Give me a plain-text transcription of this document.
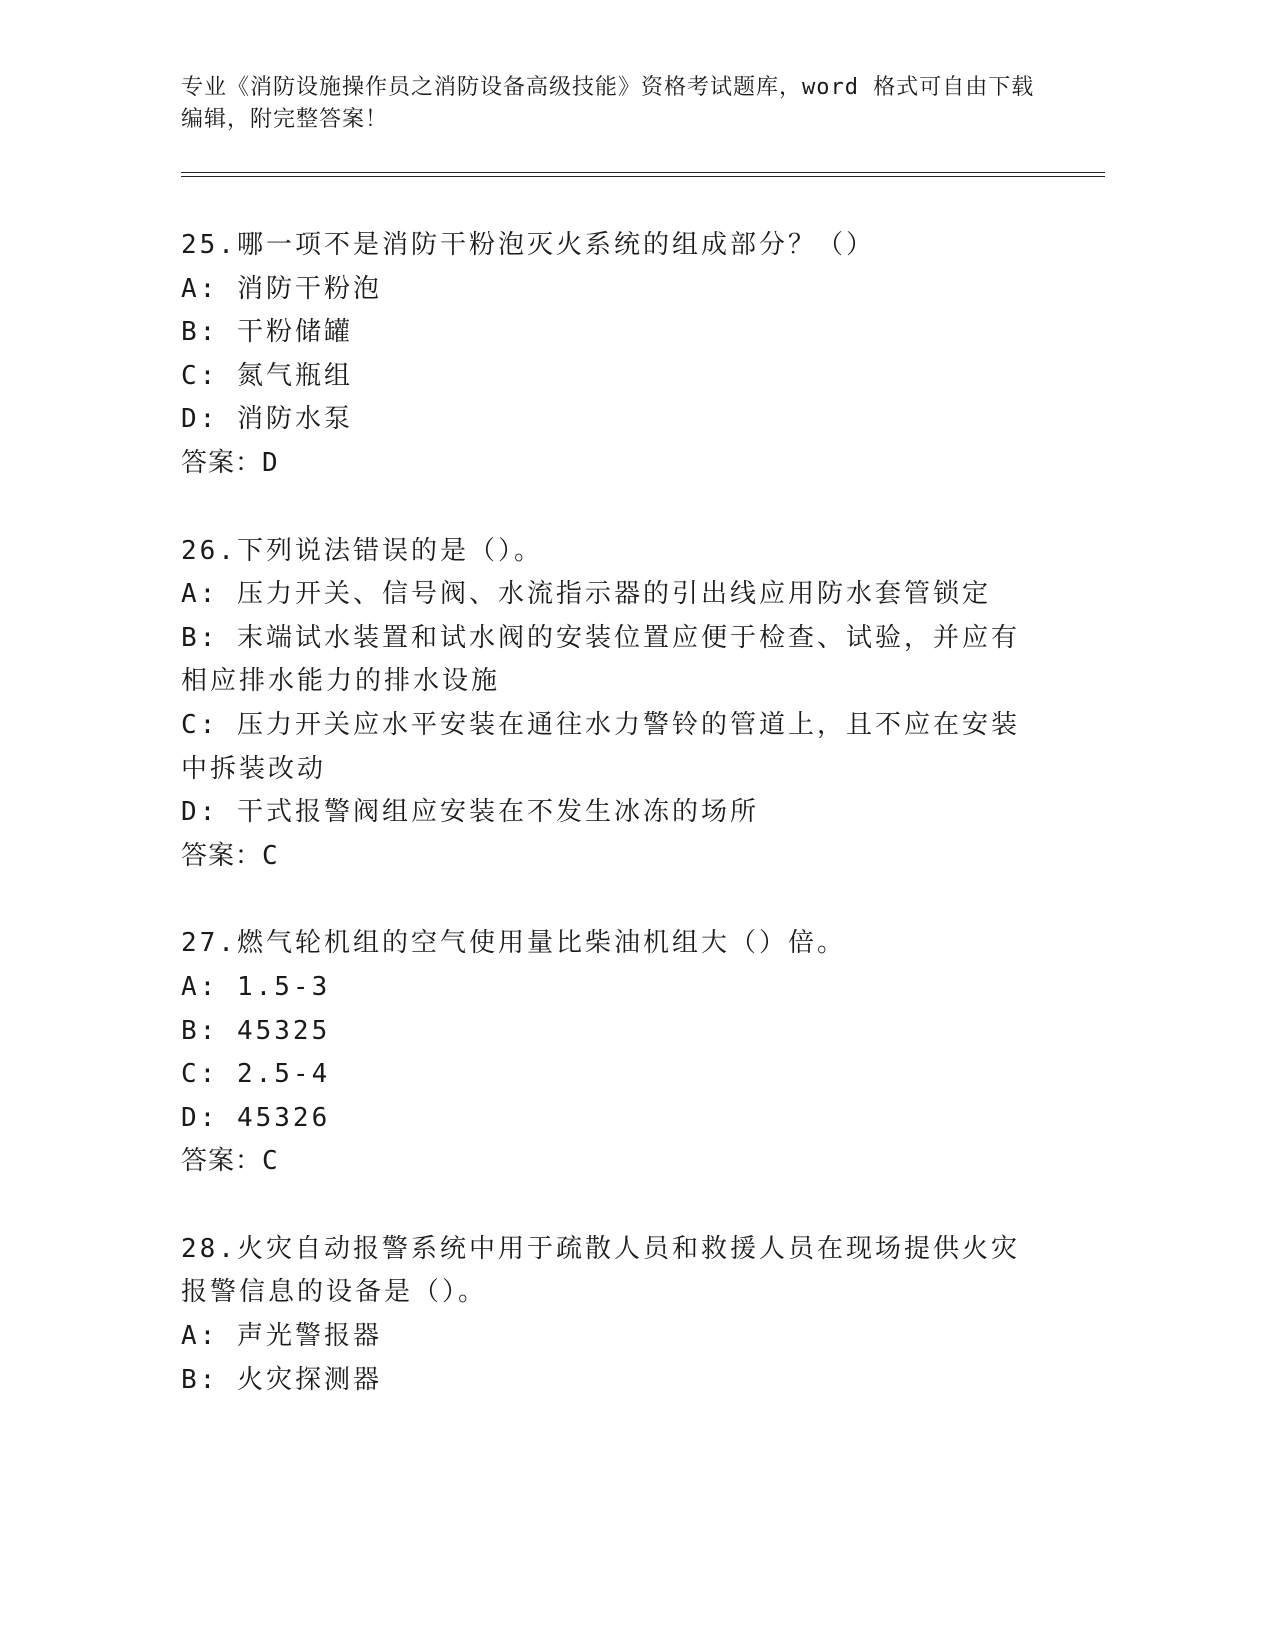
专业《消防设施操作员之消防设备高级技能》资格考试题库，word 格式可自由下载编辑，附完整答案！

25.哪一项不是消防干粉泡灭火系统的组成部分？（）

A: 消防干粉泡

B: 干粉储罐

C: 氮气瓶组

D: 消防水泵

答案：D

26.下列说法错误的是（）。

A: 压力开关、信号阀、水流指示器的引出线应用防水套管锁定

B: 末端试水装置和试水阀的安装位置应便于检查、试验，并应有相应排水能力的排水设施

C: 压力开关应水平安装在通往水力警铃的管道上，且不应在安装中拆装改动

D: 干式报警阀组应安装在不发生冰冻的场所

答案：C

27.燃气轮机组的空气使用量比柴油机组大（）倍。

A: 1.5-3

B: 45325

C: 2.5-4

D: 45326

答案：C

28.火灾自动报警系统中用于疏散人员和救援人员在现场提供火灾报警信息的设备是（）。

A: 声光警报器

B: 火灾探测器
